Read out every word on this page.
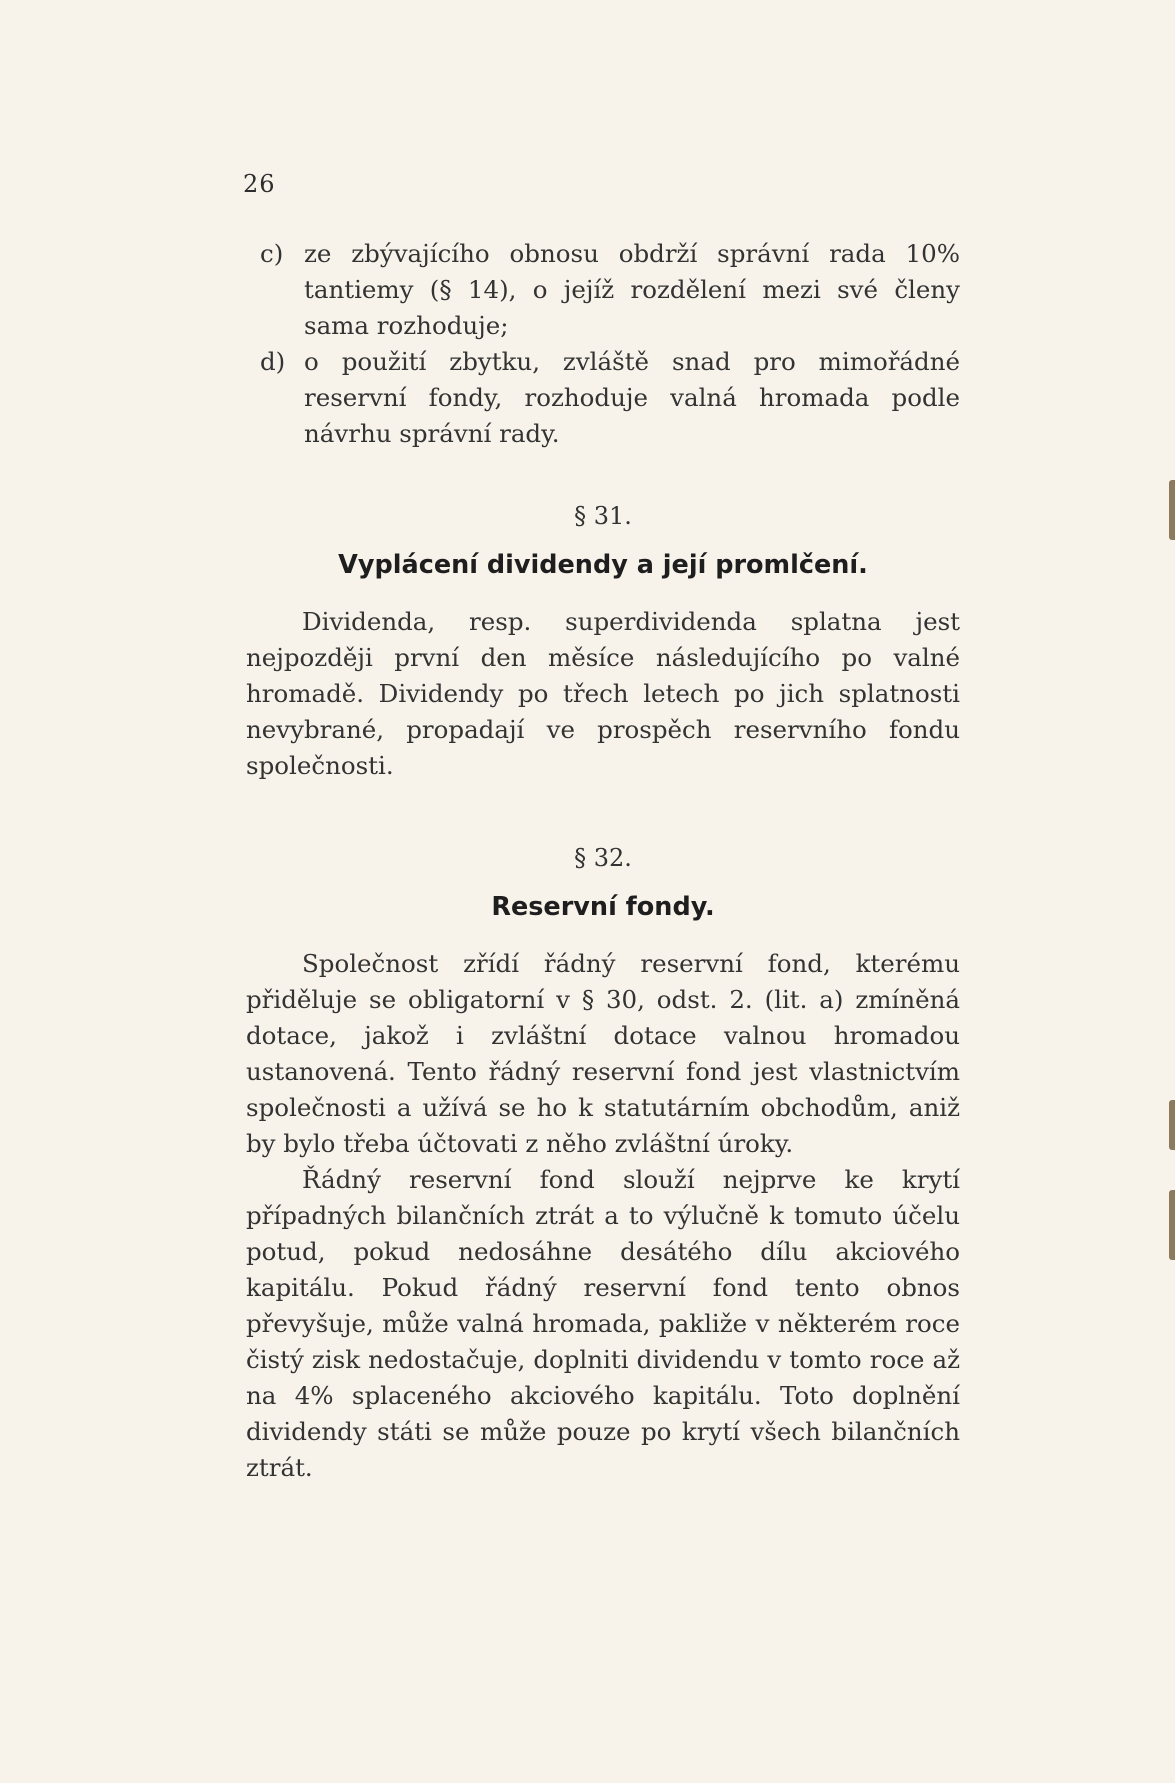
26
c) ze zbývajícího obnosu obdrží správní rada 10% tantiemy (§ 14), o jejíž rozdělení mezi své členy sama rozhoduje;
d) o použití zbytku, zvláště snad pro mimořádné reservní fondy, rozhoduje valná hromada podle návrhu správní rady.
§ 31.
Vyplácení dividendy a její promlčení.

Dividenda, resp. superdividenda splatna jest nejpozději první den měsíce následujícího po valné hromadě. Dividendy po třech letech po jich splatnosti nevybrané, propadají ve prospěch reservního fondu společnosti.

§ 32.
Reservní fondy.

Společnost zřídí řádný reservní fond, kterému přiděluje se obligatorní v § 30, odst. 2. (lit. a) zmíněná dotace, jakož i zvláštní dotace valnou hromadou ustanovená. Tento řádný reservní fond jest vlastnictvím společnosti a užívá se ho k statutárním obchodům, aniž by bylo třeba účtovati z něho zvláštní úroky.

Řádný reservní fond slouží nejprve ke krytí případných bilančních ztrát a to výlučně k tomuto účelu potud, pokud nedosáhne desátého dílu akciového kapitálu. Pokud řádný reservní fond tento obnos převyšuje, může valná hromada, pakliže v některém roce čistý zisk nedostačuje, doplniti dividendu v tomto roce až na 4% splaceného akciového kapitálu. Toto doplnění dividendy státi se může pouze po krytí všech bilančních ztrát.
